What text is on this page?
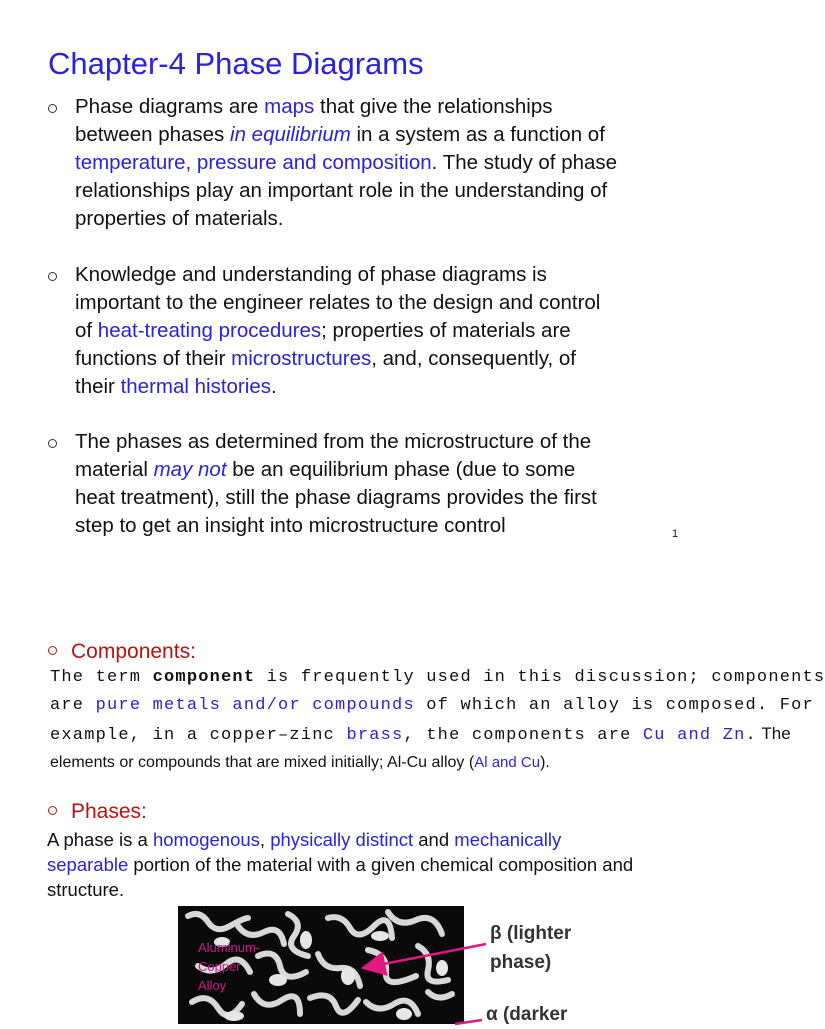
Chapter-4 Phase Diagrams
Phase diagrams are maps that give the relationships
between phases in equilibrium in a system as a function of
temperature, pressure and composition. The study of phase
relationships play an important role in the understanding of
properties of materials.
Knowledge and understanding of phase diagrams is
important to the engineer relates to the design and control
of heat-treating procedures; properties of materials are
functions of their microstructures, and, consequently, of
their thermal histories.
The phases as determined from the microstructure of the
material may not be an equilibrium phase (due to some
heat treatment), still the phase diagrams provides the first
step to get an insight into microstructure control	1
Components:
The term component is frequently used in this discussion; components
are pure metals and/or compounds of which an alloy is composed. For
example, in a copper–zinc brass, the components are Cu and Zn. The
elements or compounds that are mixed initially; Al-Cu alloy (Al and Cu).
Phases:
A phase is a homogenous, physically distinct and mechanically
separable portion of the material with a given chemical composition and
structure.
Aluminum-
Copper
Alloy
β (lighter
phase)
α (darker
